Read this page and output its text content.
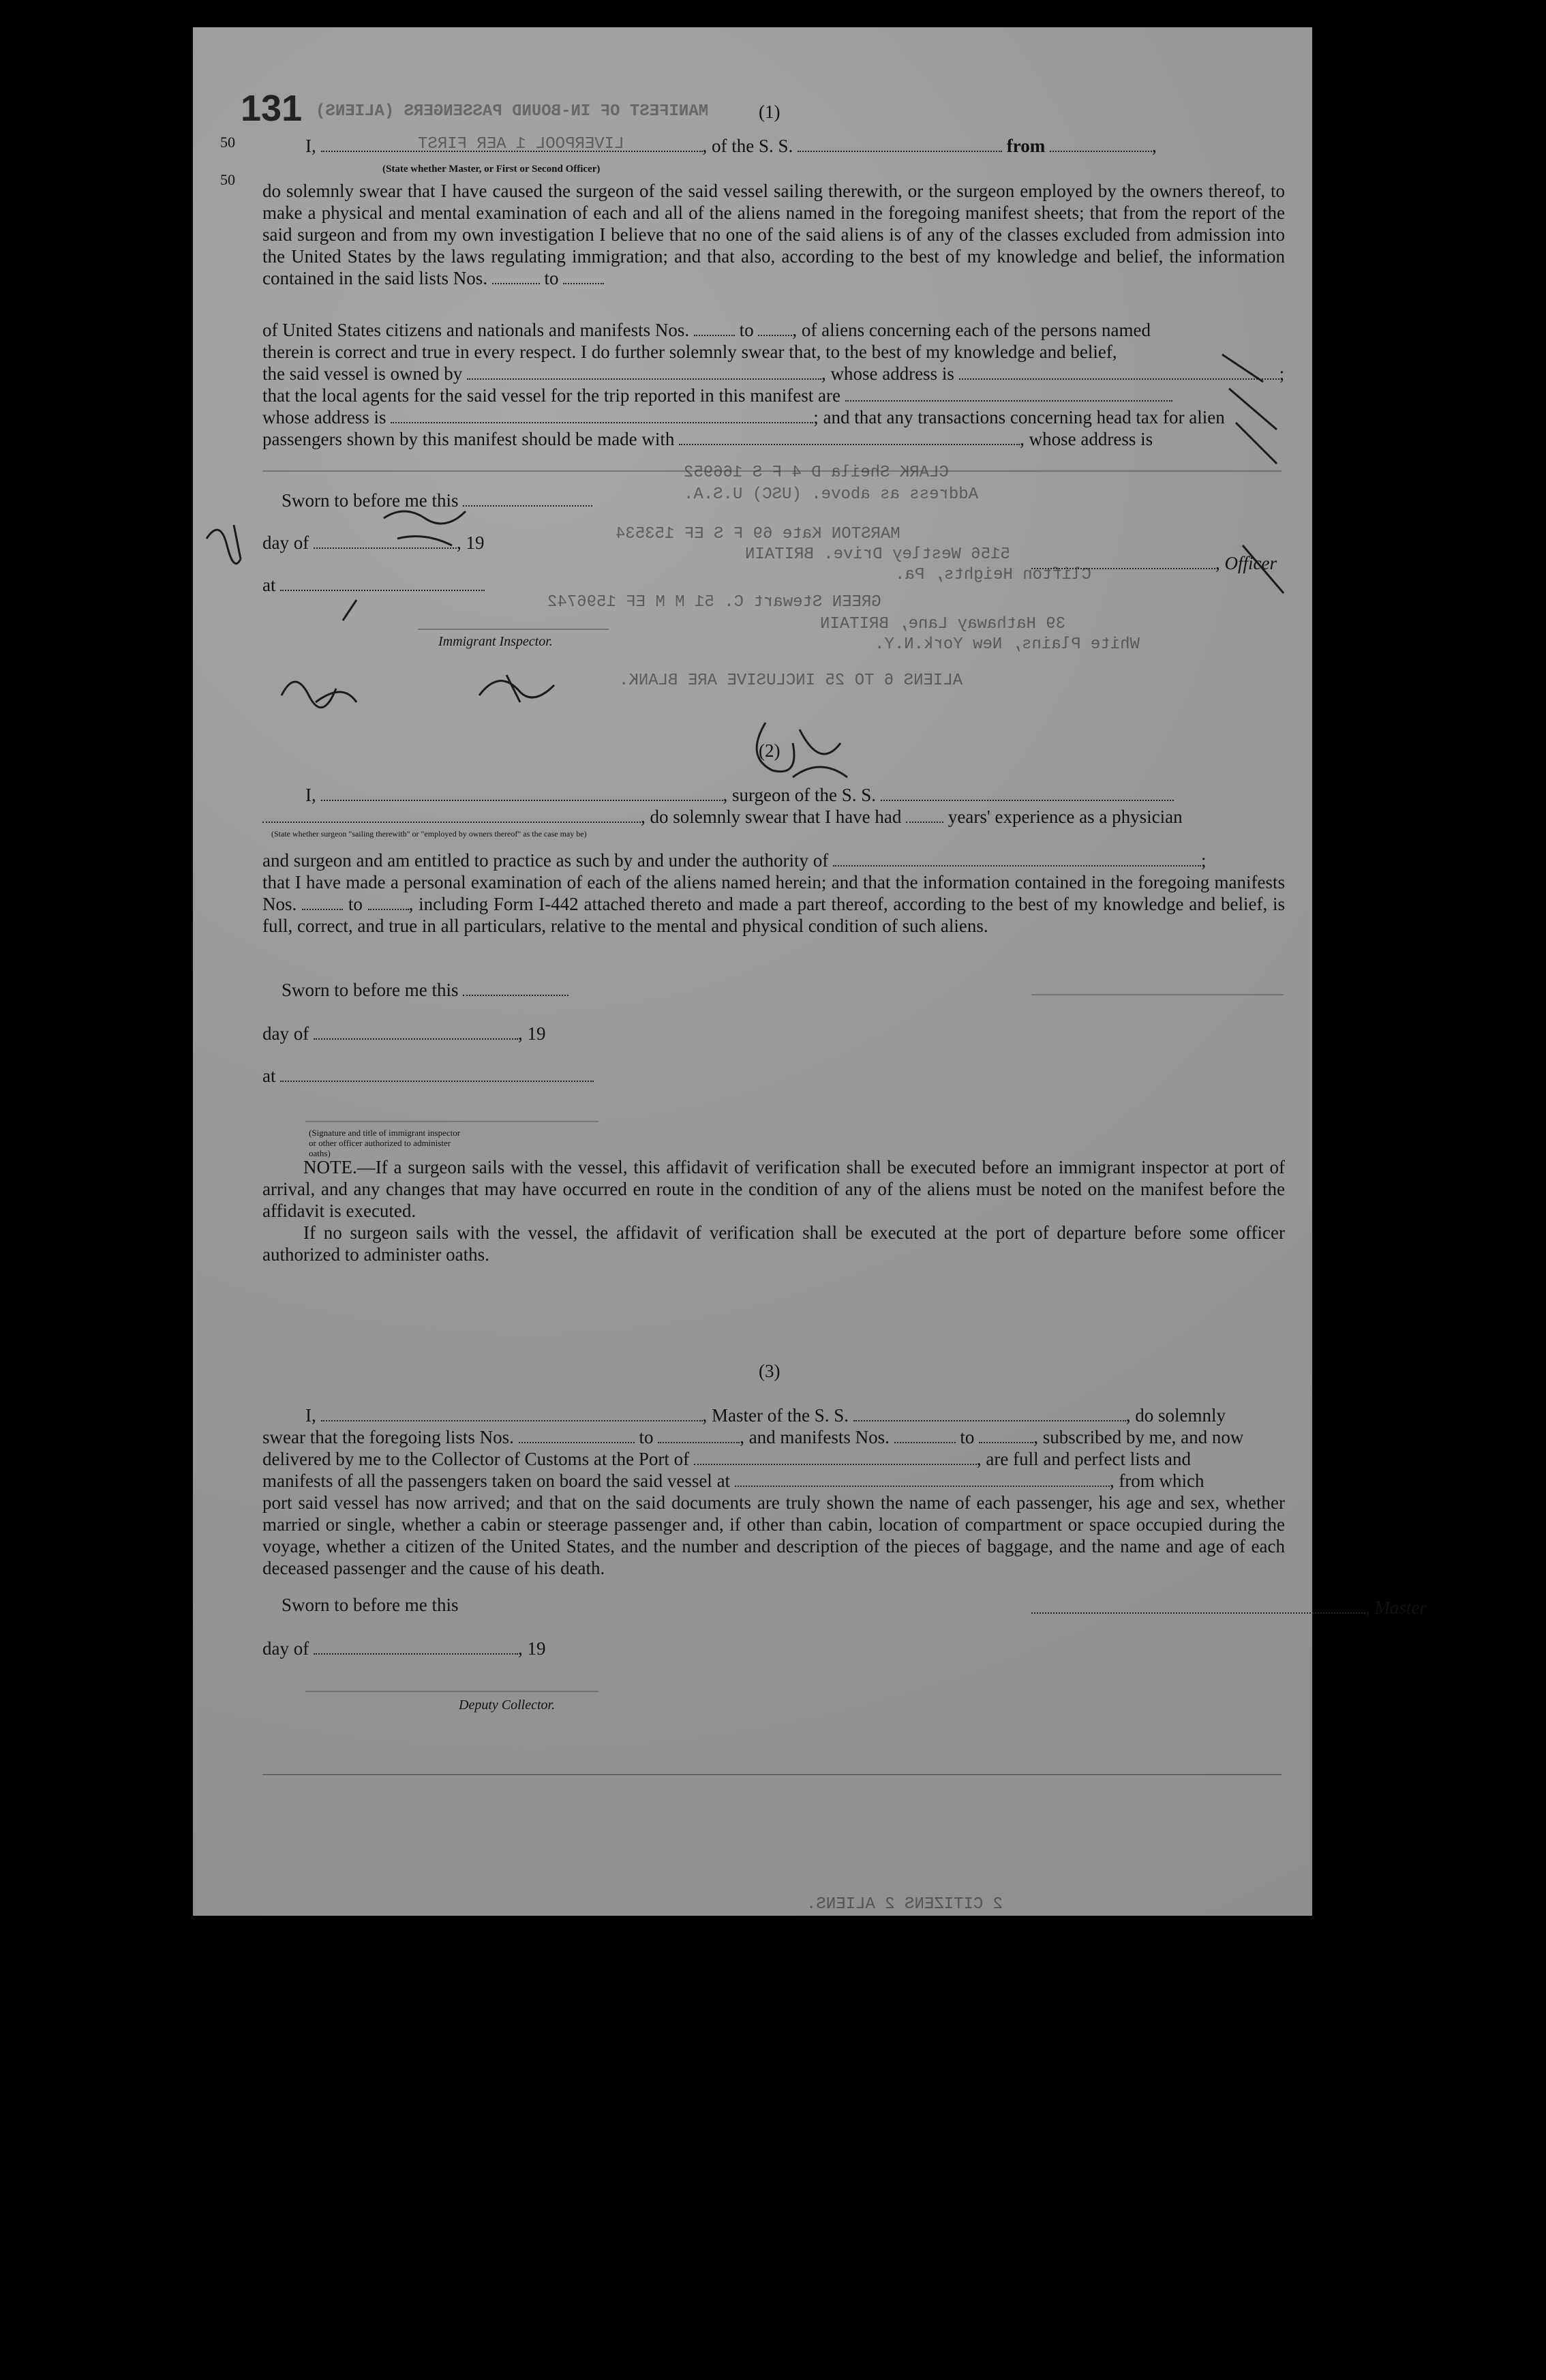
131 MANIFEST OF IN-BOUND PASSENGERS (ALIENS)	(1)
50
50
I,	, of the S. S.	from	,
(State whether Master, or First or Second Officer)
LIVERPOOL 1 AER FIRST
do solemnly swear that I have caused the surgeon of the said vessel sailing therewith, or the surgeon employed by the owners thereof, to make a physical and mental examination of each and all of the aliens named in the foregoing manifest sheets; that from the report of the said surgeon and from my own investigation I believe that no one of the said aliens is of any of the classes excluded from admission into the United States by the laws regulating immigration; and that also, according to the best of my knowledge and belief, the information contained in the said lists Nos.	to
of United States citizens and nationals and manifests Nos.	to , of aliens concerning each of the persons named
therein is correct and true in every respect. I do further solemnly swear that, to the best of my knowledge and belief,
the said vessel is owned by	, whose address is	;
that the local agents for the said vessel for the trip reported in this manifest are
whose address is	; and that any transactions concerning head tax for alien
passengers shown by this manifest should be made with	, whose address is
CLARK Sheila D 4 F S 166952
Address as above. (USC) U.S.A.
MARSTON Kate 69 F S EF 153534
5156 Westley Drive. BRITAIN
Clifton Heights, Pa.
GREEN Stewart C. 51 M M EF 1596742
39 Hathaway Lane, BRITAIN
White Plains, New York.N.Y.
ALIENS 6 TO 25 INCLUSIVE ARE BLANK.
Sworn to before me this
day of	, 19
at
, Officer
Immigrant Inspector.
(2)
I,	, surgeon of the S. S.
, do solemnly swear that I have had	years' experience as a physician
(State whether surgeon "sailing therewith" or "employed by owners thereof" as the case may be)
and surgeon and am entitled to practice as such by and under the authority of	;
that I have made a personal examination of each of the aliens named herein; and that the information contained in the foregoing manifests Nos.	to	, including Form I-442 attached thereto and made a part thereof, according to the best of my knowledge and belief, is full, correct, and true in all particulars, relative to the mental and physical condition of such aliens.
Sworn to before me this
day of	, 19
at
(Signature and title of immigrant inspector or other officer authorized to administer oaths)
NOTE.—If a surgeon sails with the vessel, this affidavit of verification shall be executed before an immigrant inspector at port of arrival, and any changes that may have occurred en route in the condition of any of the aliens must be noted on the manifest before the affidavit is executed.
If no surgeon sails with the vessel, the affidavit of verification shall be executed at the port of departure before some officer authorized to administer oaths.
(3)
I,	, Master of the S. S.	, do solemnly
swear that the foregoing lists Nos.	to	, and manifests Nos.	to	, subscribed by me, and now
delivered by me to the Collector of Customs at the Port of	, are full and perfect lists and
manifests of all the passengers taken on board the said vessel at	, from which
port said vessel has now arrived; and that on the said documents are truly shown the name of each passenger, his age and sex, whether married or single, whether a cabin or steerage passenger and, if other than cabin, location of compartment or space occupied during the voyage, whether a citizen of the United States, and the number and description of the pieces of baggage, and the name and age of each deceased passenger and the cause of his death.
Sworn to before me this	, Master
day of	, 19
Deputy Collector.
2 CITIZENS 2 ALIENS.
